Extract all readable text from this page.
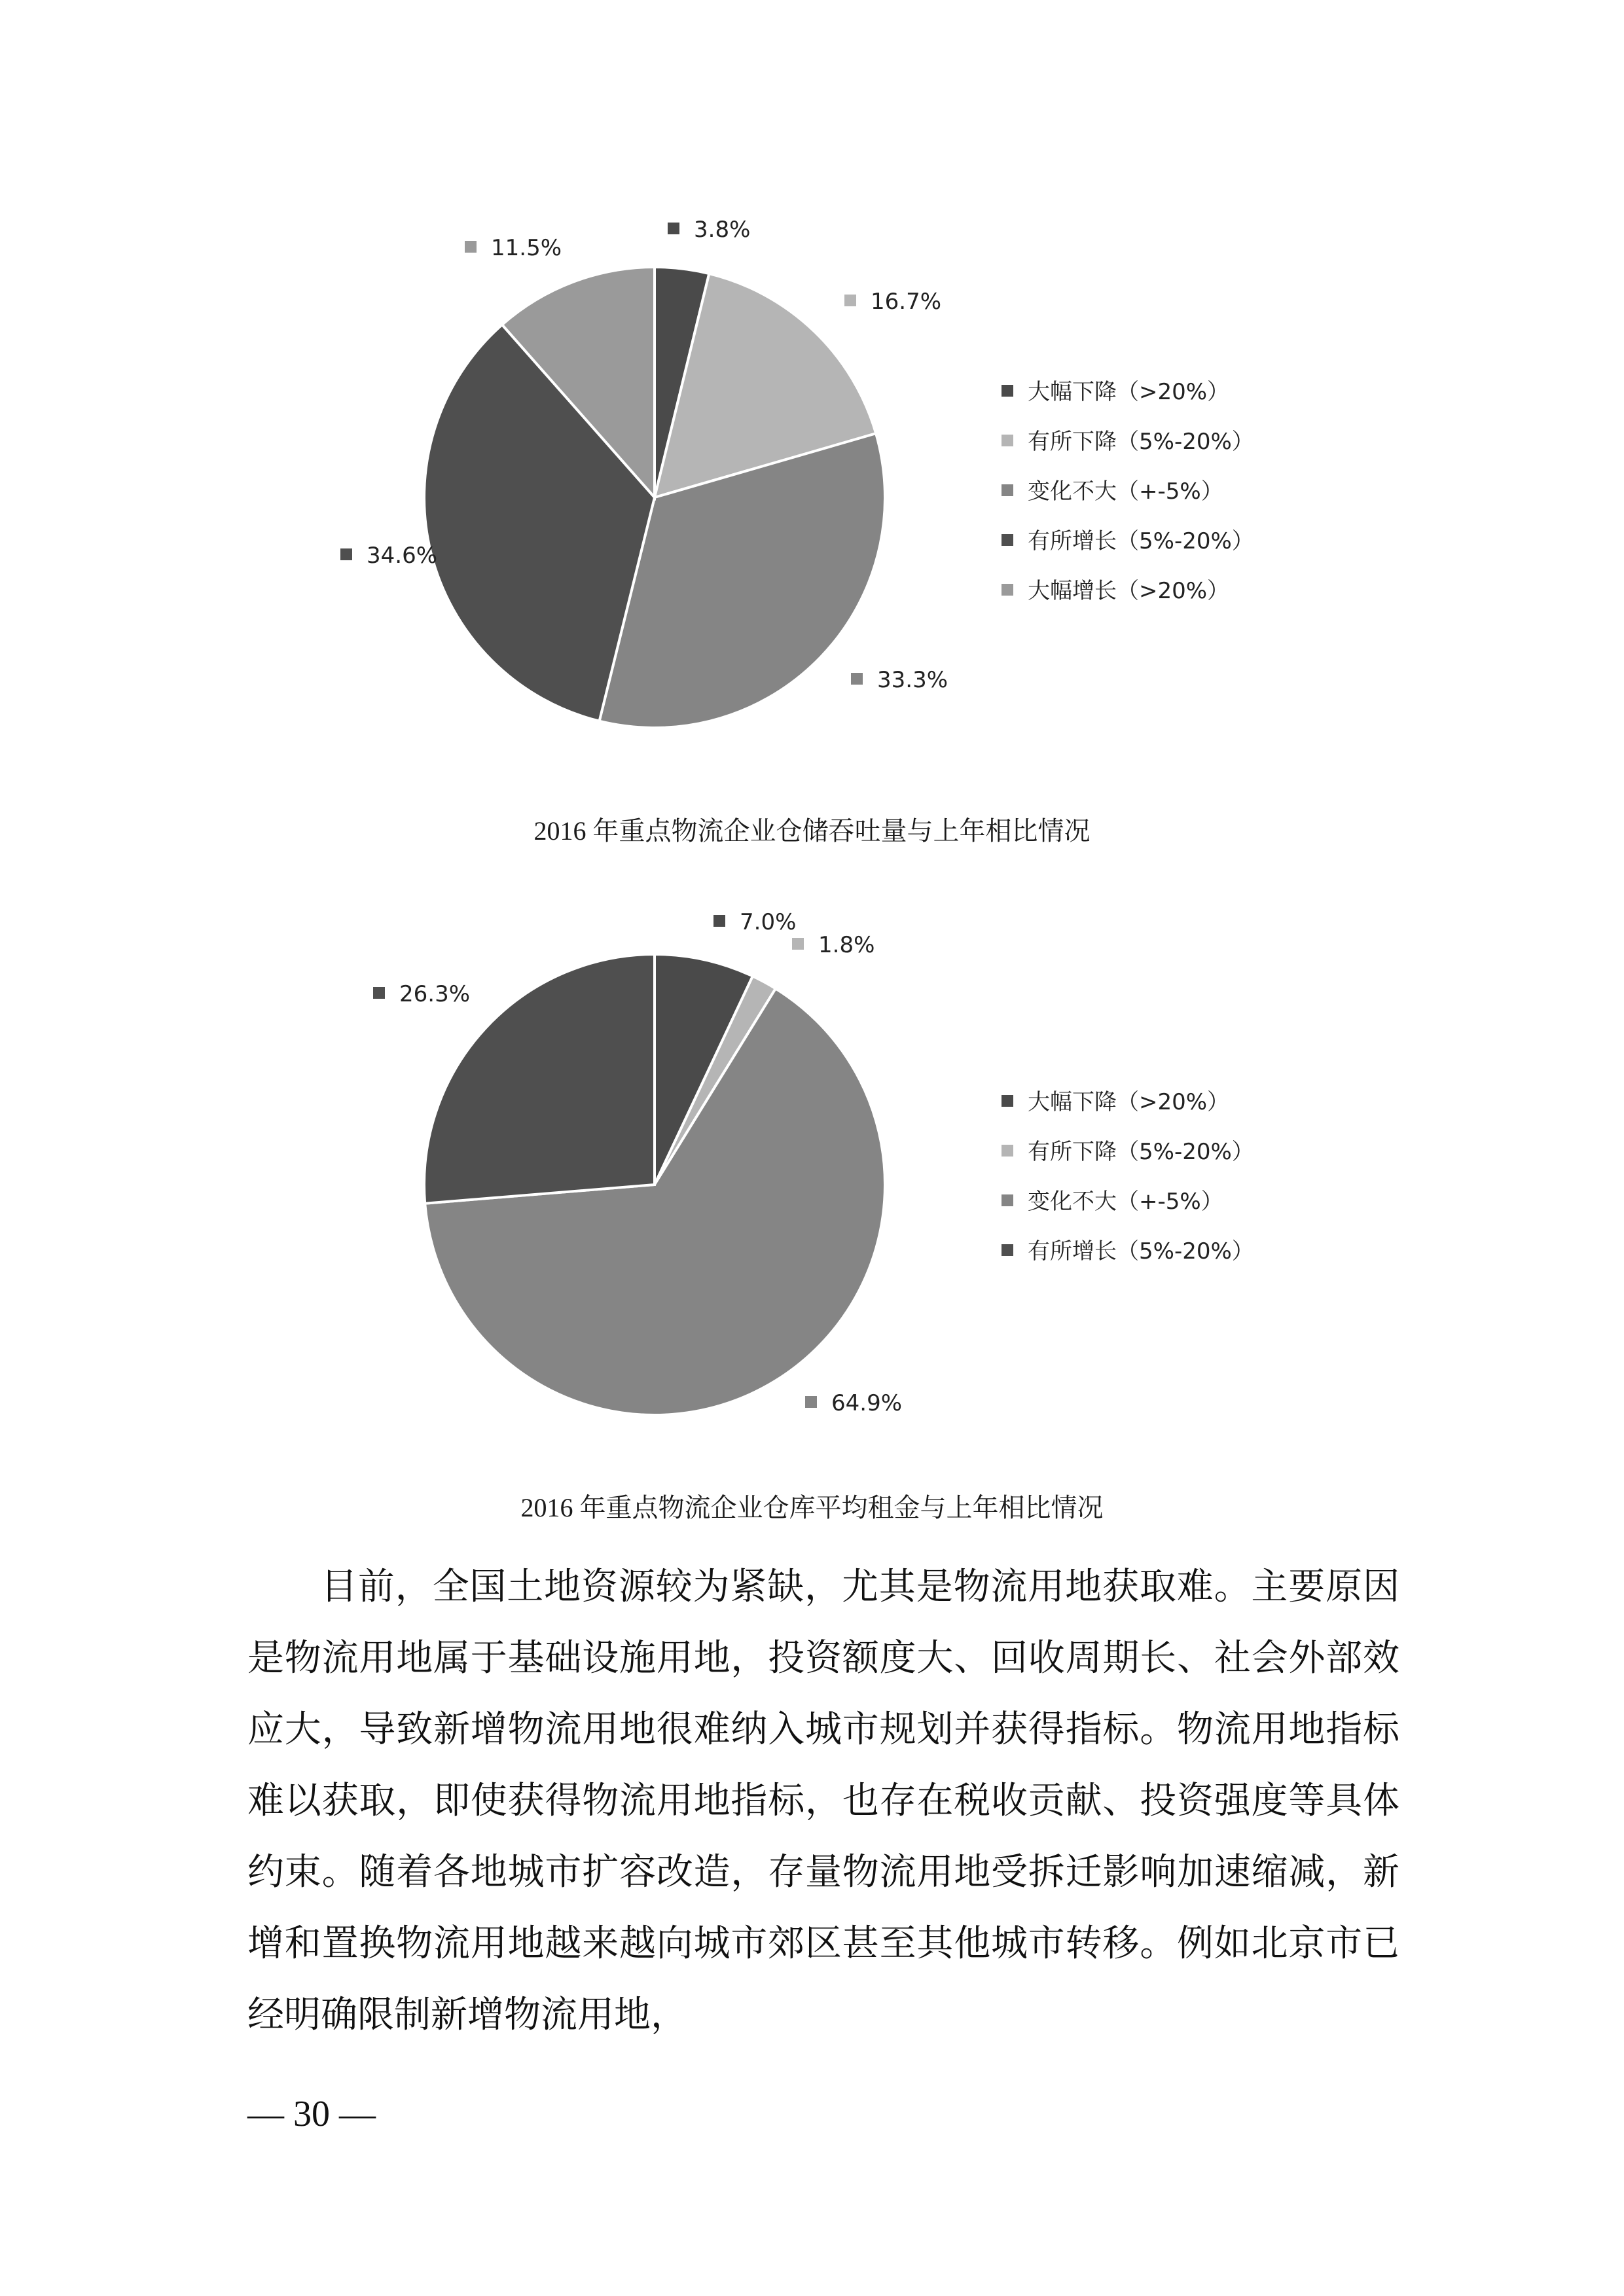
3.8%
16.7%
33.3%
34.6%
11.5%
大幅下降（>20%）
有所下降（5%-20%）
变化不大（+-5%）
有所增长（5%-20%）
大幅增长（>20%）
2016 年重点物流企业仓储吞吐量与上年相比情况
7.0%
1.8%
64.9%
26.3%
大幅下降（>20%）
有所下降（5%-20%）
变化不大（+-5%）
有所增长（5%-20%）
2016 年重点物流企业仓库平均租金与上年相比情况

目前，全国土地资源较为紧缺，尤其是物流用地获取难。主要原因是物流用地属于基础设施用地，投资额度大、回收周期长、社会外部效应大，导致新增物流用地很难纳入城市规划并获得指标。物流用地指标难以获取，即使获得物流用地指标，也存在税收贡献、投资强度等具体约束。随着各地城市扩容改造，存量物流用地受拆迁影响加速缩减，新增和置换物流用地越来越向城市郊区甚至其他城市转移。例如北京市已经明确限制新增物流用地，

— 30 —
